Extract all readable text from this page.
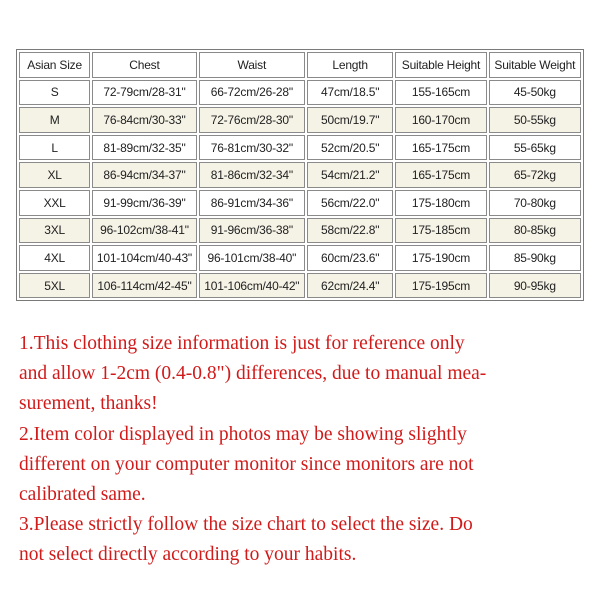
Asian Size	Chest	Waist	Length	Suitable Height	Suitable Weight
S	72-79cm/28-31"	66-72cm/26-28"	47cm/18.5"	155-165cm	45-50kg
M	76-84cm/30-33"	72-76cm/28-30"	50cm/19.7"	160-170cm	50-55kg
L	81-89cm/32-35"	76-81cm/30-32"	52cm/20.5"	165-175cm	55-65kg
XL	86-94cm/34-37"	81-86cm/32-34"	54cm/21.2"	165-175cm	65-72kg
XXL	91-99cm/36-39"	86-91cm/34-36"	56cm/22.0"	175-180cm	70-80kg
3XL	96-102cm/38-41"	91-96cm/36-38"	58cm/22.8"	175-185cm	80-85kg
4XL	101-104cm/40-43"	96-101cm/38-40"	60cm/23.6"	175-190cm	85-90kg
5XL	106-114cm/42-45"	101-106cm/40-42"	62cm/24.4"	175-195cm	90-95kg
1.This clothing size information is just for reference only
and allow 1-2cm (0.4-0.8") differences, due to manual mea-
surement, thanks!
2.Item color displayed in photos may be showing slightly
different on your computer monitor since monitors are not
calibrated same.
3.Please strictly follow the size chart to select the size. Do
not select directly according to your habits.
